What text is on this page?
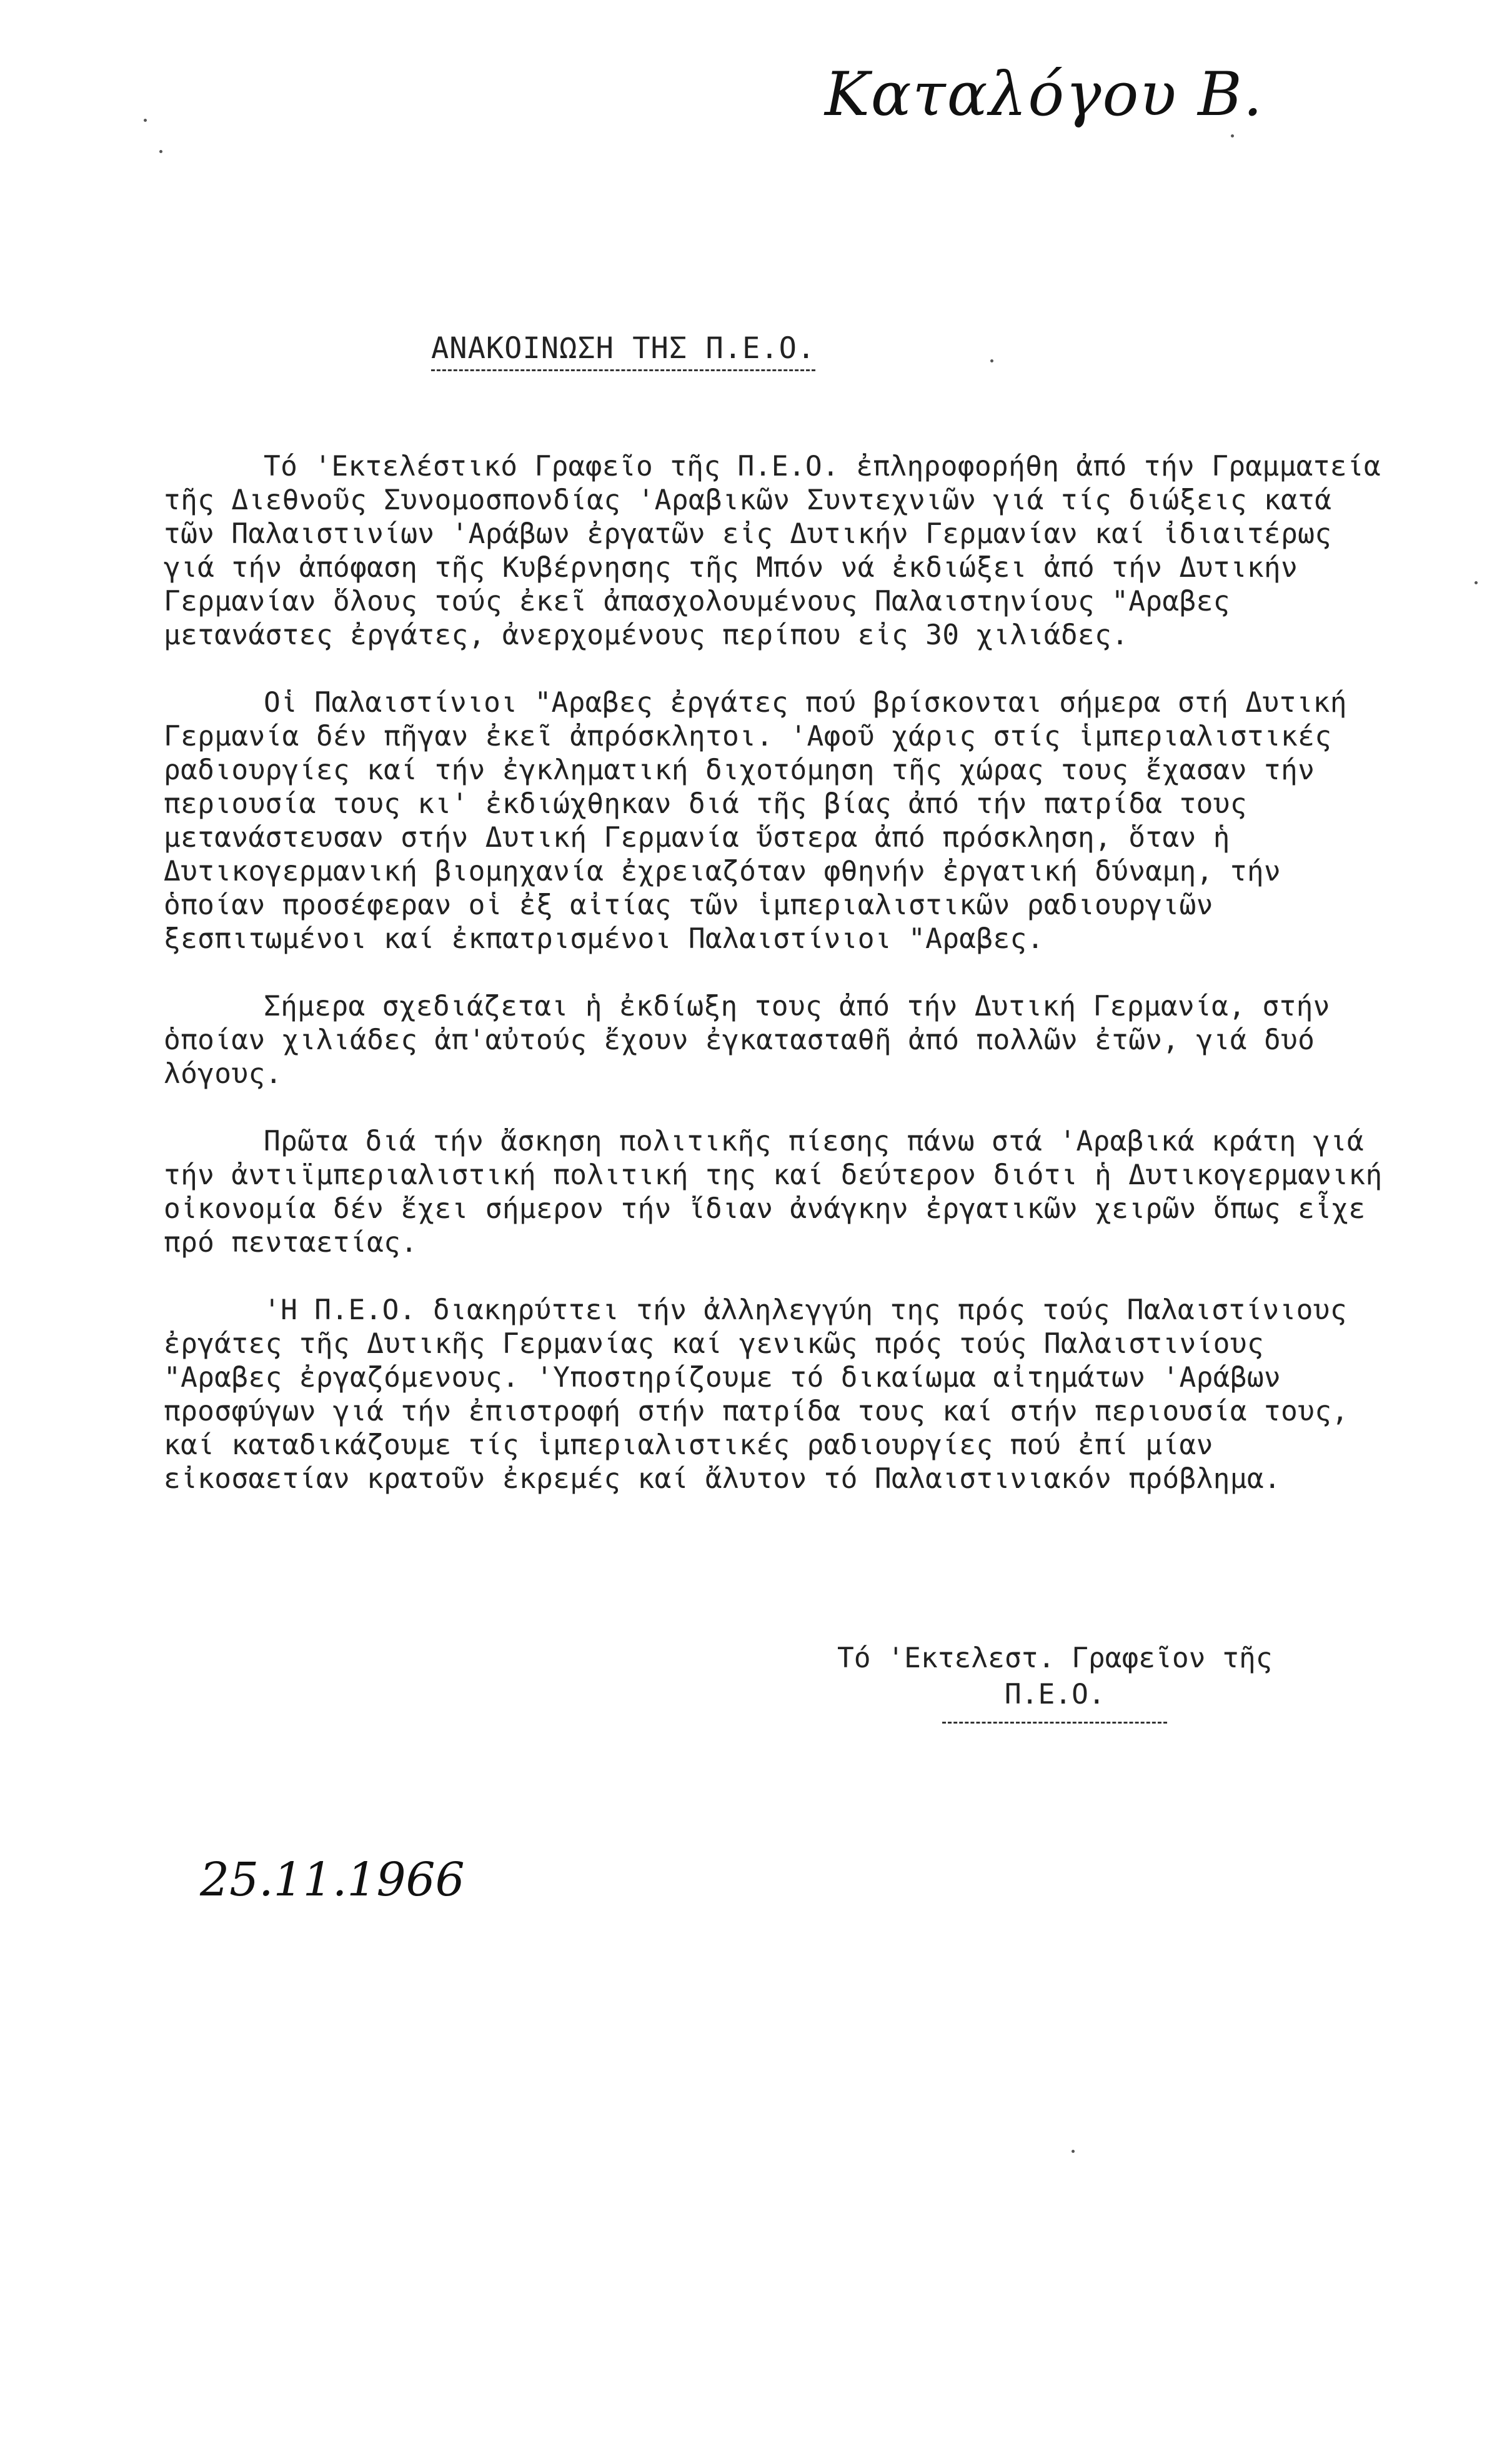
Καταλόγου Β.
ΑΝΑΚΟΙΝΩΣΗ ΤΗΣ Π.Ε.Ο.

Τό 'Εκτελέστικό Γραφεῖο τῆς Π.Ε.Ο. ἐπληροφορήθη ἀπό τήν Γραμματεία τῆς Διεθνοῦς Συνομοσπονδίας 'Αραβικῶν Συντεχνιῶν γιά τίς διώξεις κατά τῶν Παλαιστινίων 'Αράβων ἐργατῶν εἰς Δυτικήν Γερμανίαν καί ἰδιαιτέρως γιά τήν ἀπόφαση τῆς Κυβέρνησης τῆς Μπόν νά ἐκδιώξει ἀπό τήν Δυτικήν Γερμανίαν ὅλους τούς ἐκεῖ ἀπασχολουμένους Παλαιστηνίους "Αραβες μετανάστες ἐργάτες, ἀνερχομένους περίπου εἰς 30 χιλιάδες.

Οἱ Παλαιστίνιοι "Αραβες ἐργάτες πού βρίσκονται σήμερα στή Δυτική Γερμανία δέν πῆγαν ἐκεῖ ἀπρόσκλητοι. 'Αφοῦ χάρις στίς ἱμπεριαλιστικές ραδιουργίες καί τήν ἐγκληματική διχοτόμηση τῆς χώρας τους ἔχασαν τήν περιουσία τους κι' ἐκδιώχθηκαν διά τῆς βίας ἀπό τήν πατρίδα τους μετανάστευσαν στήν Δυτική Γερμανία ὕστερα ἀπό πρόσκληση, ὅταν ἡ Δυτικογερμανική βιομηχανία ἐχρειαζόταν φθηνήν ἐργατική δύναμη, τήν ὁποίαν προσέφεραν οἱ ἐξ αἰτίας τῶν ἱμπεριαλιστικῶν ραδιουργιῶν ξεσπιτωμένοι καί ἐκπατρισμένοι Παλαιστίνιοι "Αραβες.

Σήμερα σχεδιάζεται ἡ ἐκδίωξη τους ἀπό τήν Δυτική Γερμανία, στήν ὁποίαν χιλιάδες ἀπ'αὐτούς ἔχουν ἐγκατασταθῆ ἀπό πολλῶν ἐτῶν, γιά δυό λόγους.

Πρῶτα διά τήν ἄσκηση πολιτικῆς πίεσης πάνω στά 'Αραβικά κράτη γιά τήν ἀντιϊμπεριαλιστική πολιτική της καί δεύτερον διότι ἡ Δυτικογερμανική οἰκονομία δέν ἔχει σήμερον τήν ἴδιαν ἀνάγκην ἐργατικῶν χειρῶν ὅπως εἶχε πρό πενταετίας.

'Η Π.Ε.Ο. διακηρύττει τήν ἀλληλεγγύη της πρός τούς Παλαιστίνιους ἐργάτες τῆς Δυτικῆς Γερμανίας καί γενικῶς πρός τούς Παλαιστινίους "Αραβες ἐργαζόμενους. 'Υποστηρίζουμε τό δικαίωμα αἰτημάτων 'Αράβων προσφύγων γιά τήν ἐπιστροφή στήν πατρίδα τους καί στήν περιουσία τους, καί καταδικάζουμε τίς ἱμπεριαλιστικές ραδιουργίες πού ἐπί μίαν εἰκοσαετίαν κρατοῦν ἐκρεμές καί ἄλυτον τό Παλαιστινιακόν πρόβλημα.

Τό 'Εκτελεστ. Γραφεῖον τῆς
Π.Ε.Ο.
25.11.1966
